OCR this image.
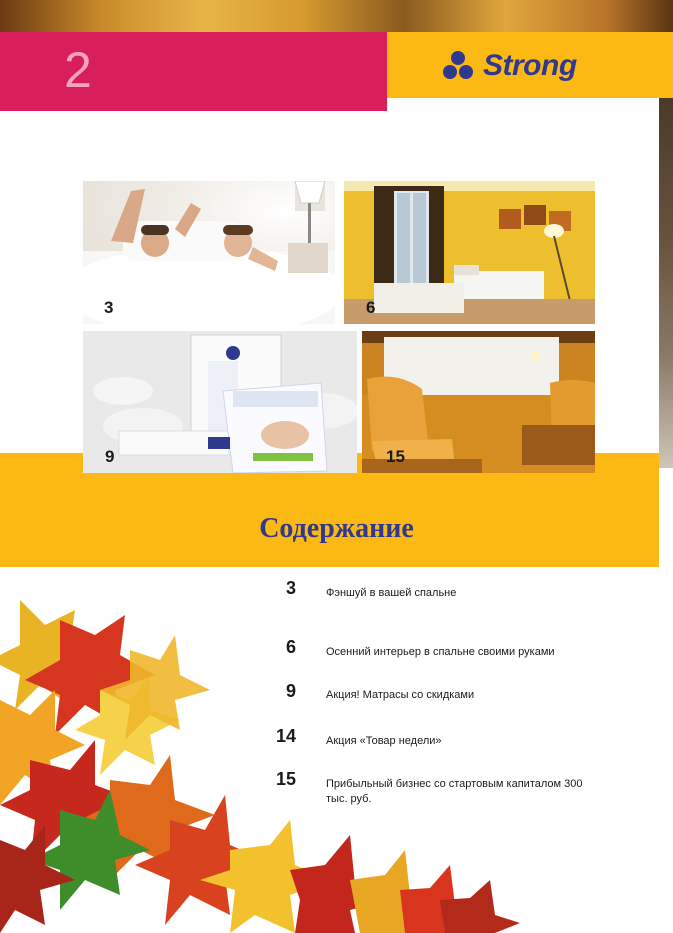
2	Strong
3	6
9	15
Содержание
3	Фэншуй в вашей спальне
6	Осенний интерьер в спальне своими руками
9	Акция! Матрасы со скидками
14	Акция «Товар недели»
15	Прибыльный бизнес со стартовым капиталом 300 тыс. руб.
